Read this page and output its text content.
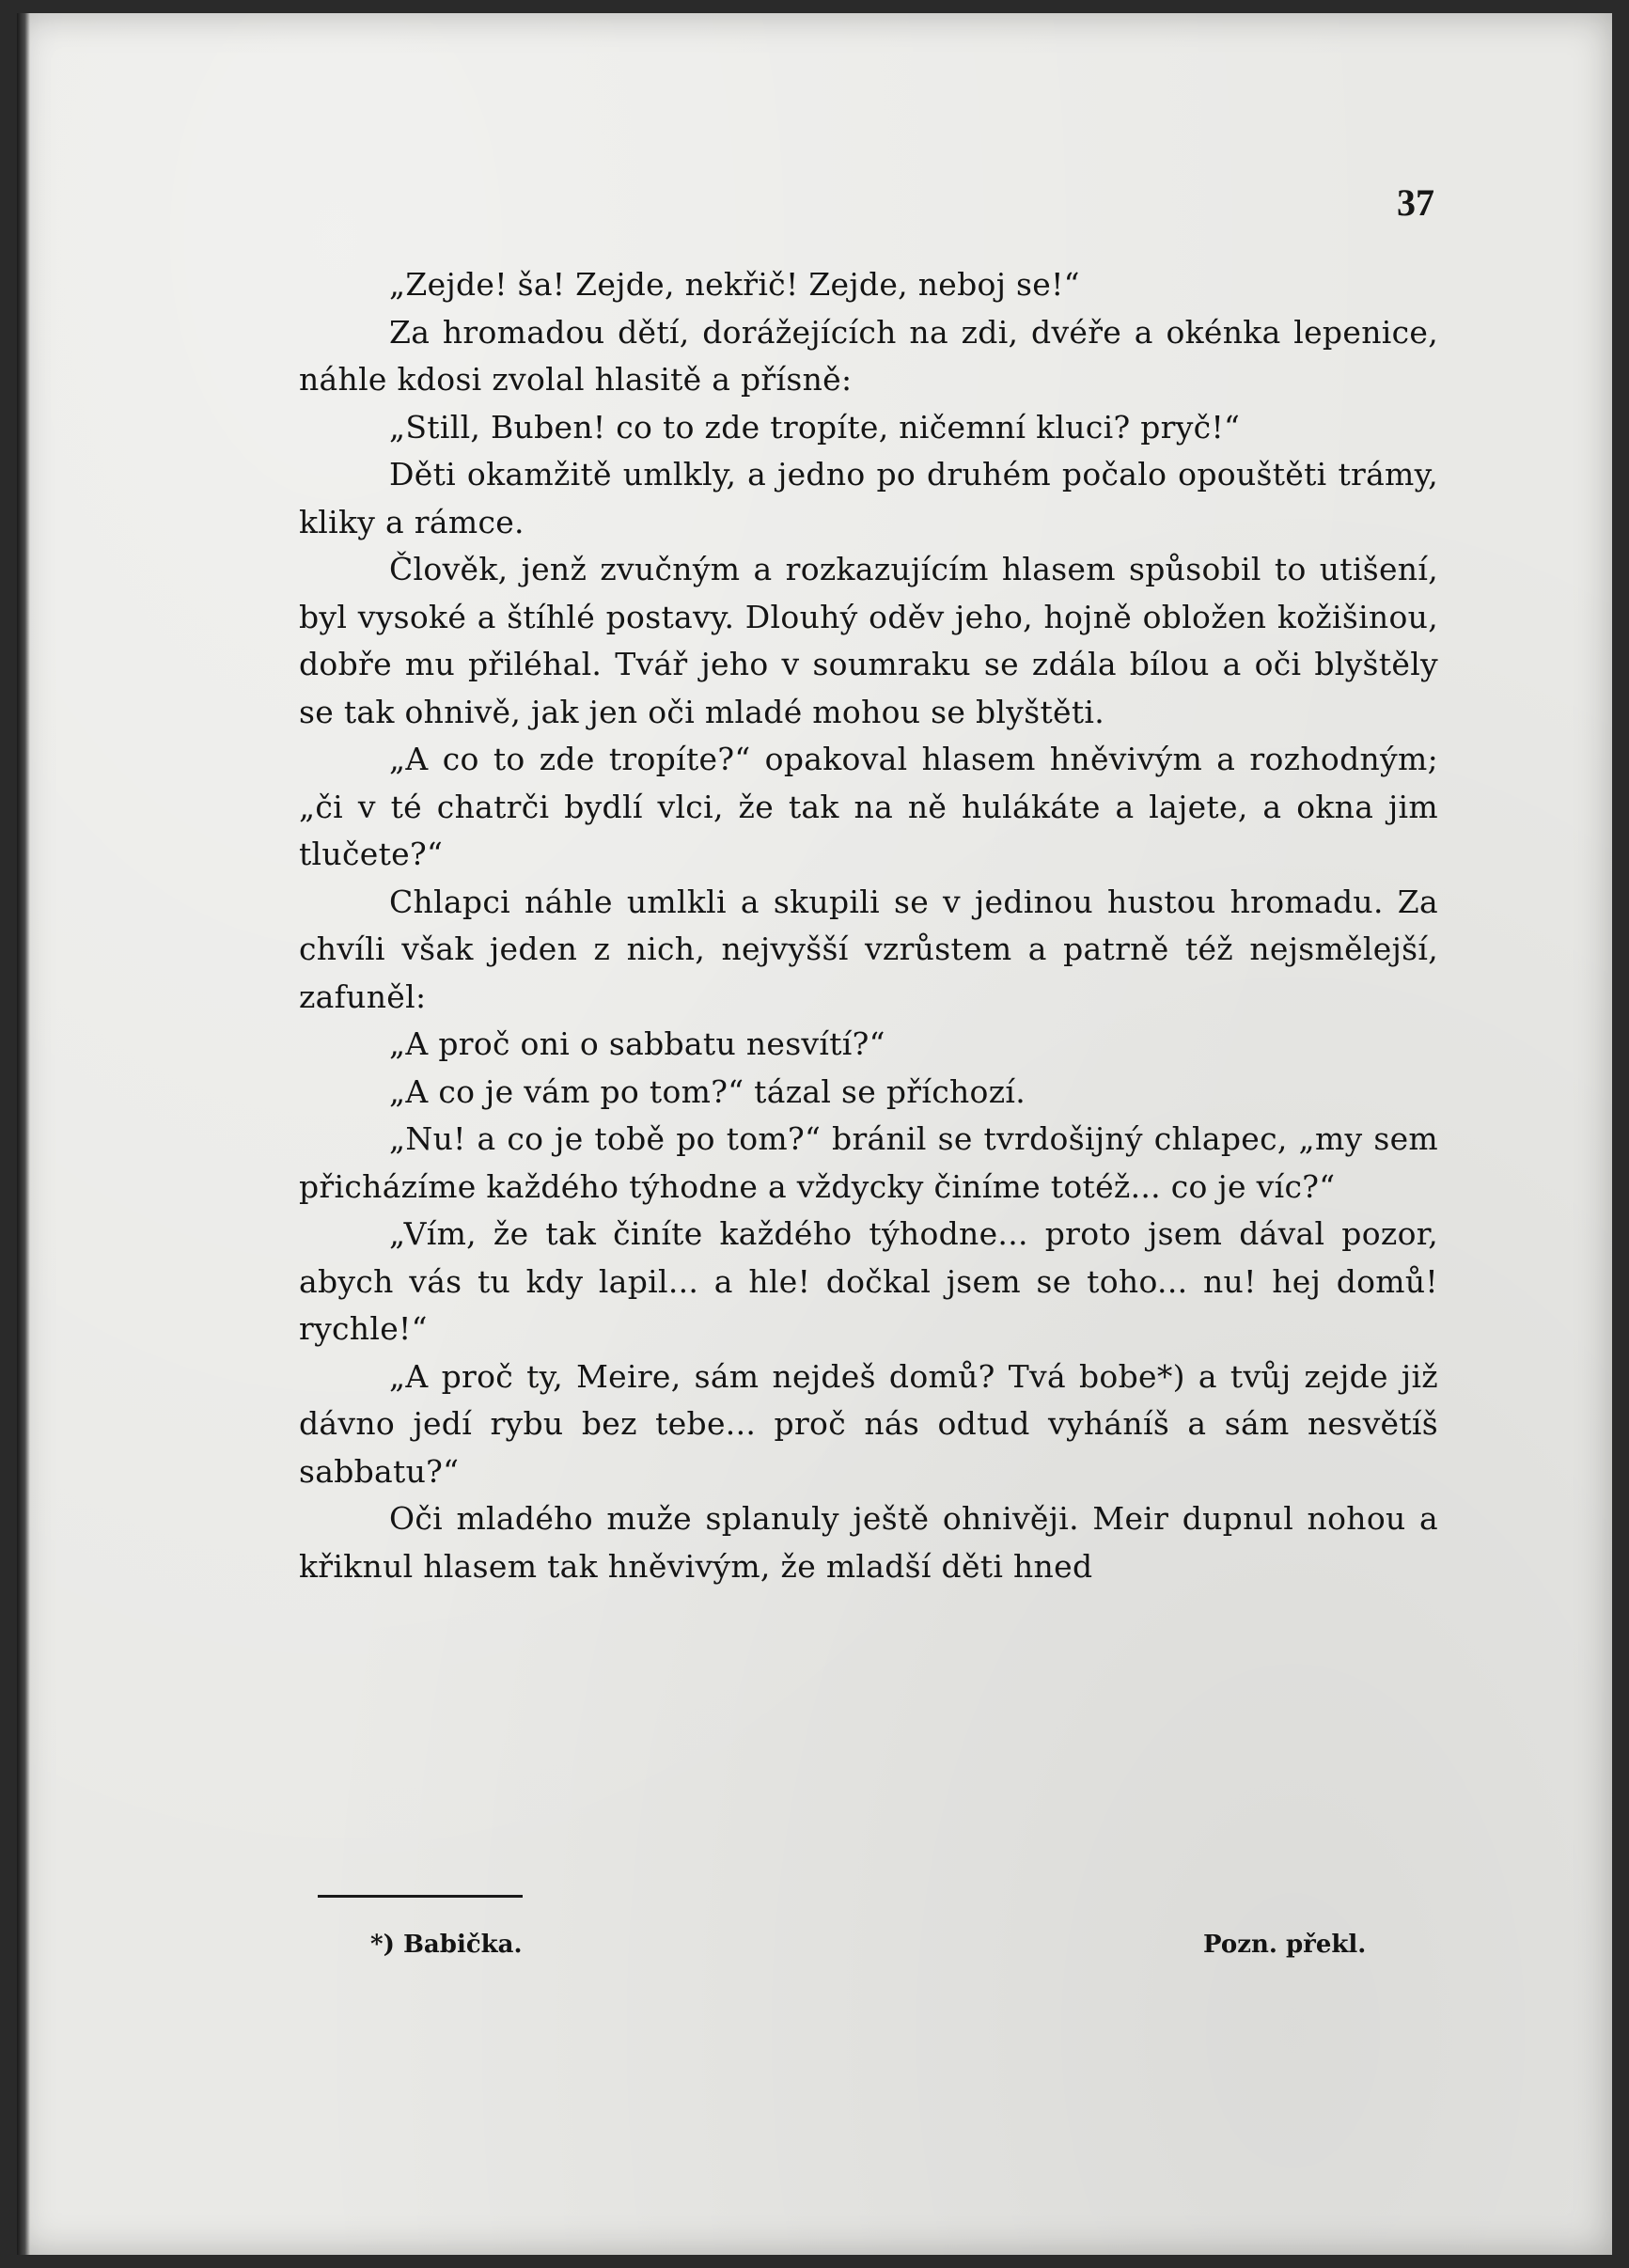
37

„Zejde! ša! Zejde, nekřič! Zejde, neboj se!“

Za hromadou dětí, dorážejících na zdi, dvéře a okénka lepenice, náhle kdosi zvolal hlasitě a přísně:

„Still, Buben! co to zde tropíte, ničemní kluci? pryč!“

Děti okamžitě umlkly, a jedno po druhém počalo opouštěti trámy, kliky a rámce.

Člověk, jenž zvučným a rozkazujícím hlasem spůsobil to utišení, byl vysoké a štíhlé postavy. Dlouhý oděv jeho, hojně obložen kožišinou, dobře mu přiléhal. Tvář jeho v soumraku se zdála bílou a oči blyštěly se tak ohnivě, jak jen oči mladé mohou se blyštěti.

„A co to zde tropíte?“ opakoval hlasem hněvivým a rozhodným; „či v té chatrči bydlí vlci, že tak na ně hulákáte a lajete, a okna jim tlučete?“

Chlapci náhle umlkli a skupili se v jedinou hustou hromadu. Za chvíli však jeden z nich, nejvyšší vzrůstem a patrně též nejsmělejší, zafuněl:

„A proč oni o sabbatu nesvítí?“

„A co je vám po tom?“ tázal se příchozí.

„Nu! a co je tobě po tom?“ bránil se tvrdošijný chlapec, „my sem přicházíme každého týhodne a vždycky činíme totéž... co je víc?“

„Vím, že tak činíte každého týhodne... proto jsem dával pozor, abych vás tu kdy lapil... a hle! dočkal jsem se toho... nu! hej domů! rychle!“

„A proč ty, Meire, sám nejdeš domů? Tvá bobe*) a tvůj zejde již dávno jedí rybu bez tebe... proč nás odtud vyháníš a sám nesvětíš sabbatu?“

Oči mladého muže splanuly ještě ohnivěji. Meir dupnul nohou a křiknul hlasem tak hněvivým, že mladší děti hned

*) Babička.	Pozn. překl.
